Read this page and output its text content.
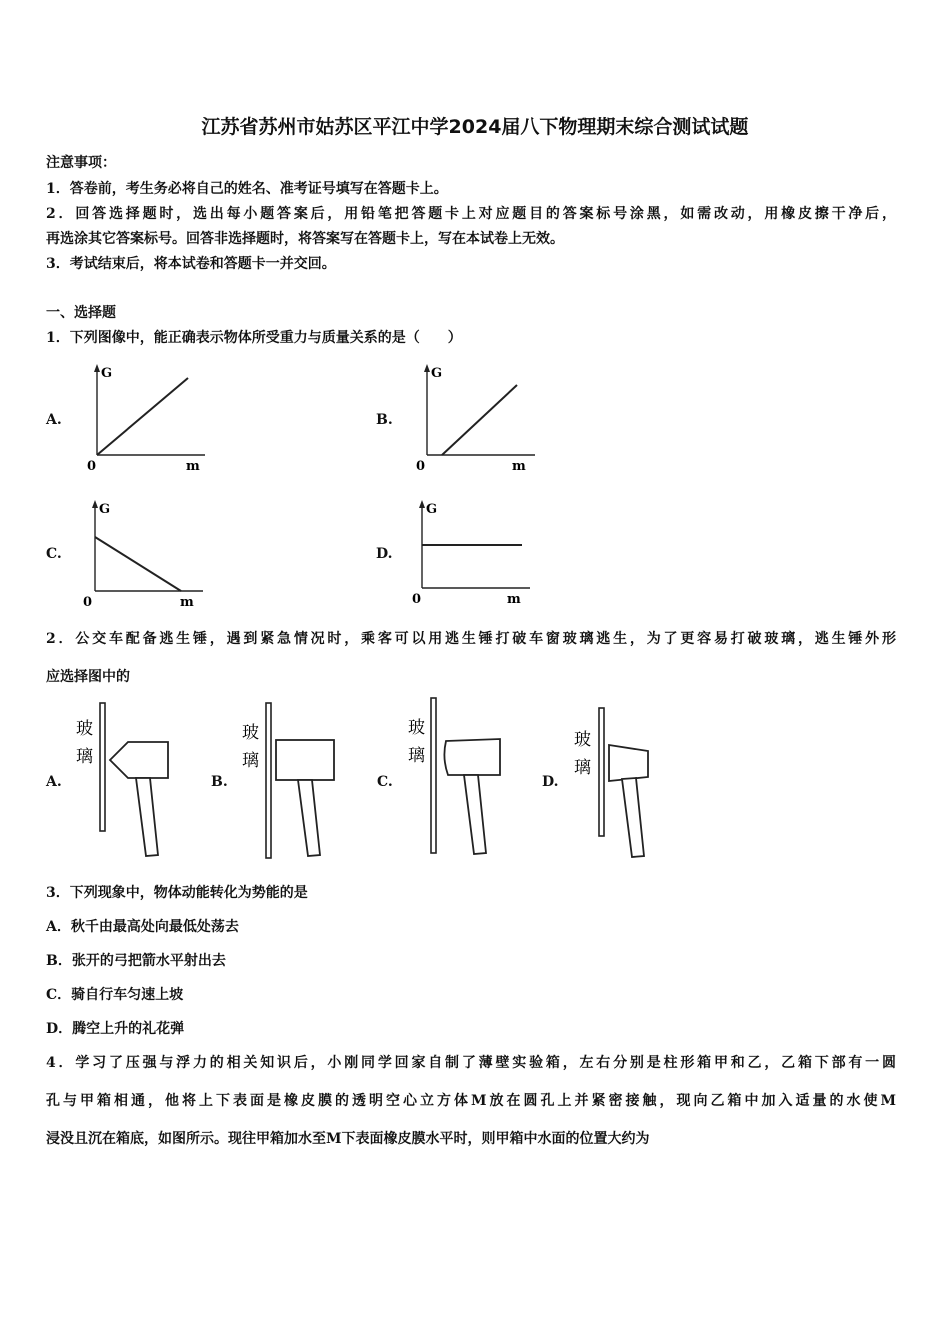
江苏省苏州市姑苏区平江中学2024届八下物理期末综合测试试题
注意事项：
1．答卷前，考生务必将自己的姓名、准考证号填写在答题卡上。
2．回答选择题时，选出每小题答案后，用铅笔把答题卡上对应题目的答案标号涂黑，如需改动，用橡皮擦干净后，
再选涂其它答案标号。回答非选择题时，将答案写在答题卡上，写在本试卷上无效。
3．考试结束后，将本试卷和答题卡一并交回。
一、选择题
1．下列图像中，能正确表示物体所受重力与质量关系的是（　　）
A.	B.
C.	D.
G
0	m
G
0	m
G
0	m
G
0	m
2．公交车配备逃生锤，遇到紧急情况时，乘客可以用逃生锤打破车窗玻璃逃生，为了更容易打破玻璃，逃生锤外形
应选择图中的
A.	B.	C.	D.
玻
璃
玻
璃
玻
璃
玻
璃
3．下列现象中，物体动能转化为势能的是
A．秋千由最高处向最低处荡去
B．张开的弓把箭水平射出去
C．骑自行车匀速上坡
D．腾空上升的礼花弹
4．学习了压强与浮力的相关知识后，小刚同学回家自制了薄壁实验箱，左右分别是柱形箱甲和乙，乙箱下部有一圆
孔与甲箱相通，他将上下表面是橡皮膜的透明空心立方体M放在圆孔上并紧密接触，现向乙箱中加入适量的水使M
浸没且沉在箱底，如图所示。现往甲箱加水至M下表面橡皮膜水平时，则甲箱中水面的位置大约为
